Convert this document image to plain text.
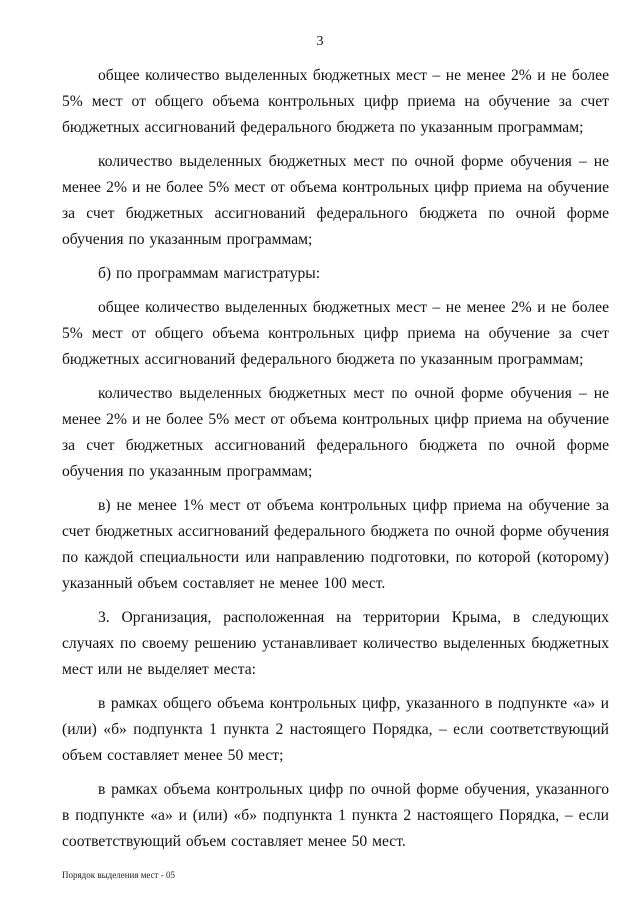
3

общее количество выделенных бюджетных мест – не менее 2% и не более 5% мест от общего объема контрольных цифр приема на обучение за счет бюджетных ассигнований федерального бюджета по указанным программам;

количество выделенных бюджетных мест по очной форме обучения – не менее 2% и не более 5% мест от объема контрольных цифр приема на обучение за счет бюджетных ассигнований федерального бюджета по очной форме обучения по указанным программам;

б) по программам магистратуры:

общее количество выделенных бюджетных мест – не менее 2% и не более 5% мест от общего объема контрольных цифр приема на обучение за счет бюджетных ассигнований федерального бюджета по указанным программам;

количество выделенных бюджетных мест по очной форме обучения – не менее 2% и не более 5% мест от объема контрольных цифр приема на обучение за счет бюджетных ассигнований федерального бюджета по очной форме обучения по указанным программам;

в) не менее 1% мест от объема контрольных цифр приема на обучение за счет бюджетных ассигнований федерального бюджета по очной форме обучения по каждой специальности или направлению подготовки, по которой (которому) указанный объем составляет не менее 100 мест.

3. Организация, расположенная на территории Крыма, в следующих случаях по своему решению устанавливает количество выделенных бюджетных мест или не выделяет места:

в рамках общего объема контрольных цифр, указанного в подпункте «а» и (или) «б» подпункта 1 пункта 2 настоящего Порядка, – если соответствующий объем составляет менее 50 мест;

в рамках объема контрольных цифр по очной форме обучения, указанного в подпункте «а» и (или) «б» подпункта 1 пункта 2 настоящего Порядка, – если соответствующий объем составляет менее 50 мест.

Порядок выделения мест - 05
